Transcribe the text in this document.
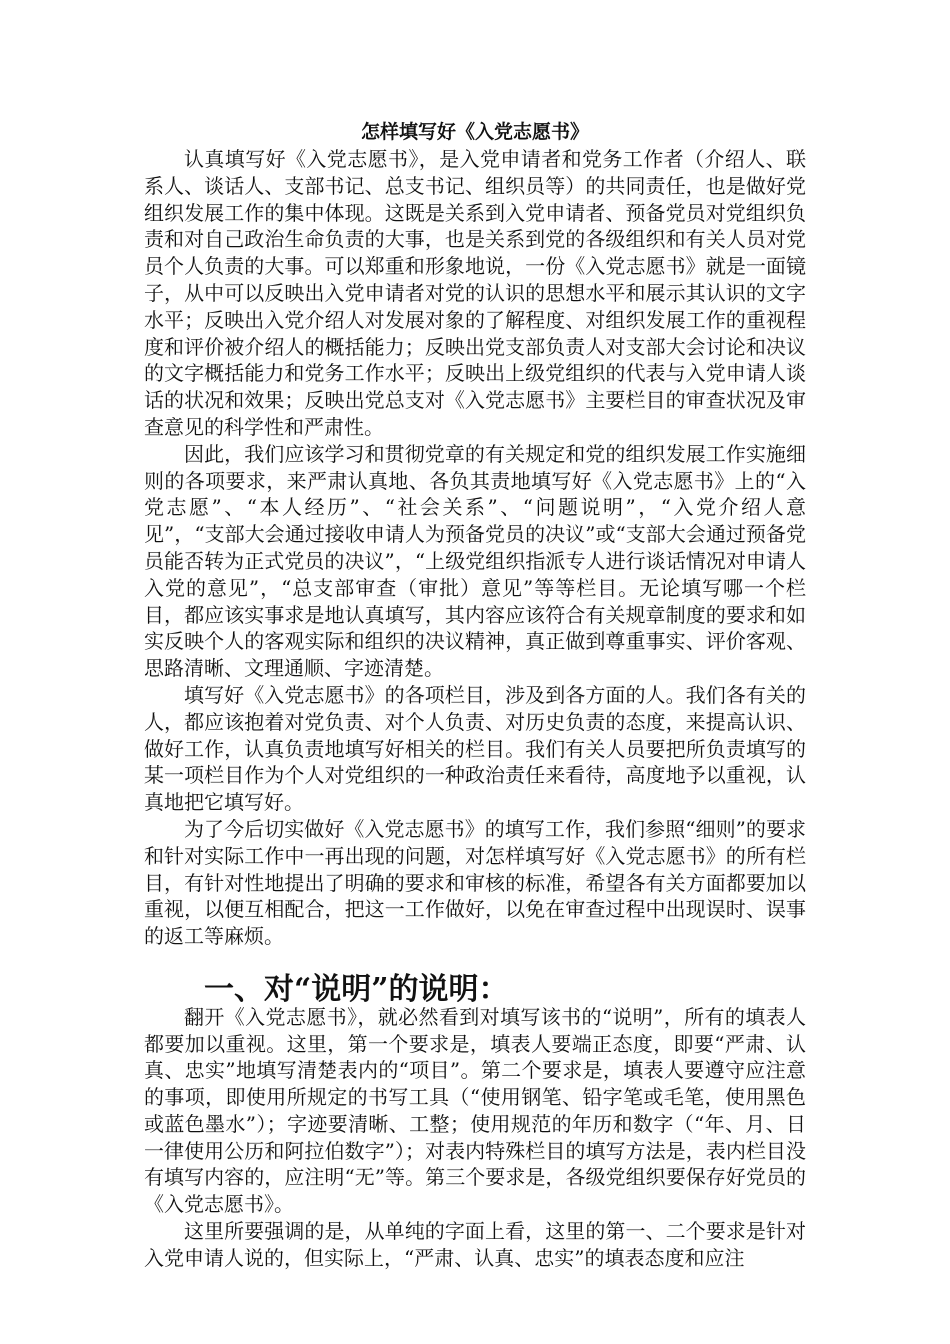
怎样填写好《入党志愿书》

认真填写好《入党志愿书》，是入党申请者和党务工作者（介绍人、联系人、谈话人、支部书记、总支书记、组织员等）的共同责任，也是做好党组织发展工作的集中体现。这既是关系到入党申请者、预备党员对党组织负责和对自己政治生命负责的大事，也是关系到党的各级组织和有关人员对党员个人负责的大事。可以郑重和形象地说，一份《入党志愿书》就是一面镜子，从中可以反映出入党申请者对党的认识的思想水平和展示其认识的文字水平；反映出入党介绍人对发展对象的了解程度、对组织发展工作的重视程度和评价被介绍人的概括能力；反映出党支部负责人对支部大会讨论和决议的文字概括能力和党务工作水平；反映出上级党组织的代表与入党申请人谈话的状况和效果；反映出党总支对《入党志愿书》主要栏目的审查状况及审查意见的科学性和严肃性。

因此，我们应该学习和贯彻党章的有关规定和党的组织发展工作实施细则的各项要求，来严肃认真地、各负其责地填写好《入党志愿书》上的“入党志愿”、“本人经历”、“社会关系”、“问题说明”，“入党介绍人意见”，“支部大会通过接收申请人为预备党员的决议”或“支部大会通过预备党员能否转为正式党员的决议”，“上级党组织指派专人进行谈话情况对申请人入党的意见”，“总支部审查（审批）意见”等等栏目。无论填写哪一个栏目，都应该实事求是地认真填写，其内容应该符合有关规章制度的要求和如实反映个人的客观实际和组织的决议精神，真正做到尊重事实、评价客观、思路清晰、文理通顺、字迹清楚。

填写好《入党志愿书》的各项栏目，涉及到各方面的人。我们各有关的人，都应该抱着对党负责、对个人负责、对历史负责的态度，来提高认识、做好工作，认真负责地填写好相关的栏目。我们有关人员要把所负责填写的某一项栏目作为个人对党组织的一种政治责任来看待，高度地予以重视，认真地把它填写好。

为了今后切实做好《入党志愿书》的填写工作，我们参照“细则”的要求和针对实际工作中一再出现的问题，对怎样填写好《入党志愿书》的所有栏目，有针对性地提出了明确的要求和审核的标准，希望各有关方面都要加以重视，以便互相配合，把这一工作做好，以免在审查过程中出现误时、误事的返工等麻烦。

一、对“说明”的说明：

翻开《入党志愿书》，就必然看到对填写该书的“说明”，所有的填表人都要加以重视。这里，第一个要求是，填表人要端正态度，即要“严肃、认真、忠实”地填写清楚表内的“项目”。第二个要求是，填表人要遵守应注意的事项，即使用所规定的书写工具（“使用钢笔、铅字笔或毛笔，使用黑色或蓝色墨水”）；字迹要清晰、工整；使用规范的年历和数字（“年、月、日一律使用公历和阿拉伯数字”）；对表内特殊栏目的填写方法是，表内栏目没有填写内容的，应注明“无”等。第三个要求是，各级党组织要保存好党员的《入党志愿书》。

这里所要强调的是，从单纯的字面上看，这里的第一、二个要求是针对入党申请人说的，但实际上，“严肃、认真、忠实”的填表态度和应注
